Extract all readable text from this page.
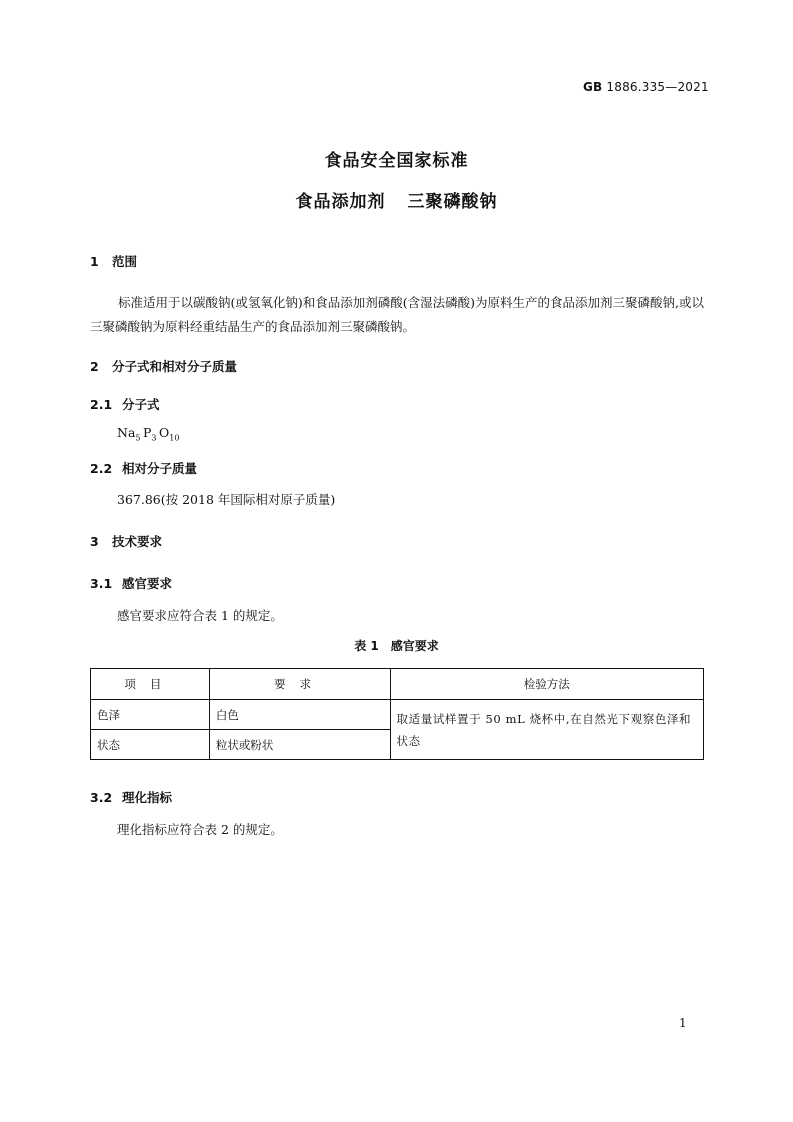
GB 1886.335—2021
食品安全国家标准
食品添加剂 三聚磷酸钠
1 范围
标准适用于以碳酸钠(或氢氧化钠)和食品添加剂磷酸(含湿法磷酸)为原料生产的食品添加剂三聚磷酸钠,或以三聚磷酸钠为原料经重结晶生产的食品添加剂三聚磷酸钠。
2 分子式和相对分子质量
2.1 分子式
$Na_5$  $P_3$  $O_{10}$
2.2 相对分子质量
367.86(按 2018 年国际相对原子质量)
3 技术要求
3.1 感官要求
感官要求应符合表 1 的规定。
表 1 感官要求
项目	要求	检验方法
色泽	白色	取适量试样置于 50 mL 烧杯中,在自然光下观察色泽和状态
状态	粒状或粉状	
3.2 理化指标
理化指标应符合表 2 的规定。
1
